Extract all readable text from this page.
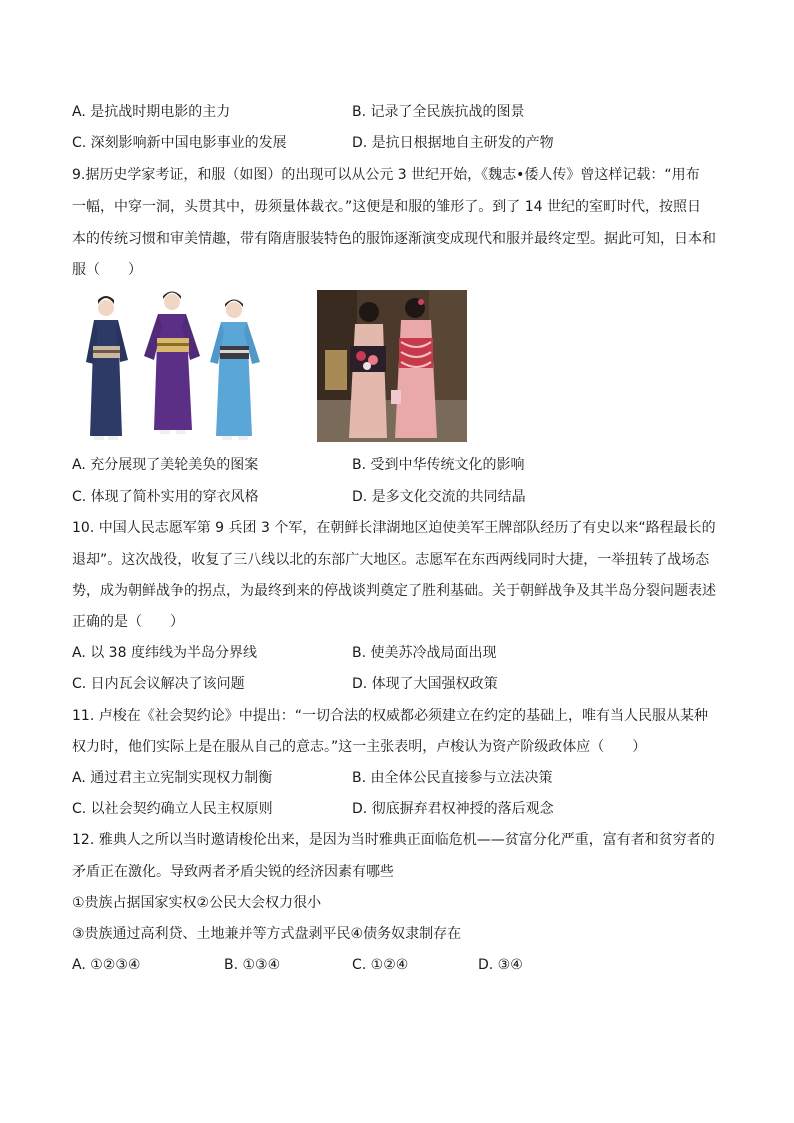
A. 是抗战时期电影的主力	B. 记录了全民族抗战的图景
C. 深刻影响新中国电影事业的发展	D. 是抗日根据地自主研发的产物
9.据历史学家考证，和服（如图）的出现可以从公元 3 世纪开始，《魏志•倭人传》曾这样记载：“用布
一幅，中穿一洞，头贯其中，毋须量体裁衣。”这便是和服的雏形了。到了 14 世纪的室町时代，按照日
本的传统习惯和审美情趣，带有隋唐服装特色的服饰逐渐演变成现代和服并最终定型。据此可知，日本和
服（　　）
A. 充分展现了美轮美奂的图案	B. 受到中华传统文化的影响
C. 体现了简朴实用的穿衣风格	D. 是多文化交流的共同结晶
10. 中国人民志愿军第 9 兵团 3 个军，在朝鲜长津湖地区迫使美军王牌部队经历了有史以来“路程最长的
退却”。这次战役，收复了三八线以北的东部广大地区。志愿军在东西两线同时大捷，一举扭转了战场态
势，成为朝鲜战争的拐点，为最终到来的停战谈判奠定了胜利基础。关于朝鲜战争及其半岛分裂问题表述
正确的是（　　）
A. 以 38 度纬线为半岛分界线	B. 使美苏冷战局面出现
C. 日内瓦会议解决了该问题	D. 体现了大国强权政策
11. 卢梭在《社会契约论》中提出：“一切合法的权威都必须建立在约定的基础上，唯有当人民服从某种
权力时，他们实际上是在服从自己的意志。”这一主张表明，卢梭认为资产阶级政体应（　　）
A. 通过君主立宪制实现权力制衡	B. 由全体公民直接参与立法决策
C. 以社会契约确立人民主权原则	D. 彻底摒弃君权神授的落后观念
12. 雅典人之所以当时邀请梭伦出来，是因为当时雅典正面临危机——贫富分化严重，富有者和贫穷者的
矛盾正在激化。导致两者矛盾尖锐的经济因素有哪些
①贵族占据国家实权②公民大会权力很小
③贵族通过高利贷、土地兼并等方式盘剥平民④债务奴隶制存在
A. ①②③④	B. ①③④	C. ①②④	D. ③④
